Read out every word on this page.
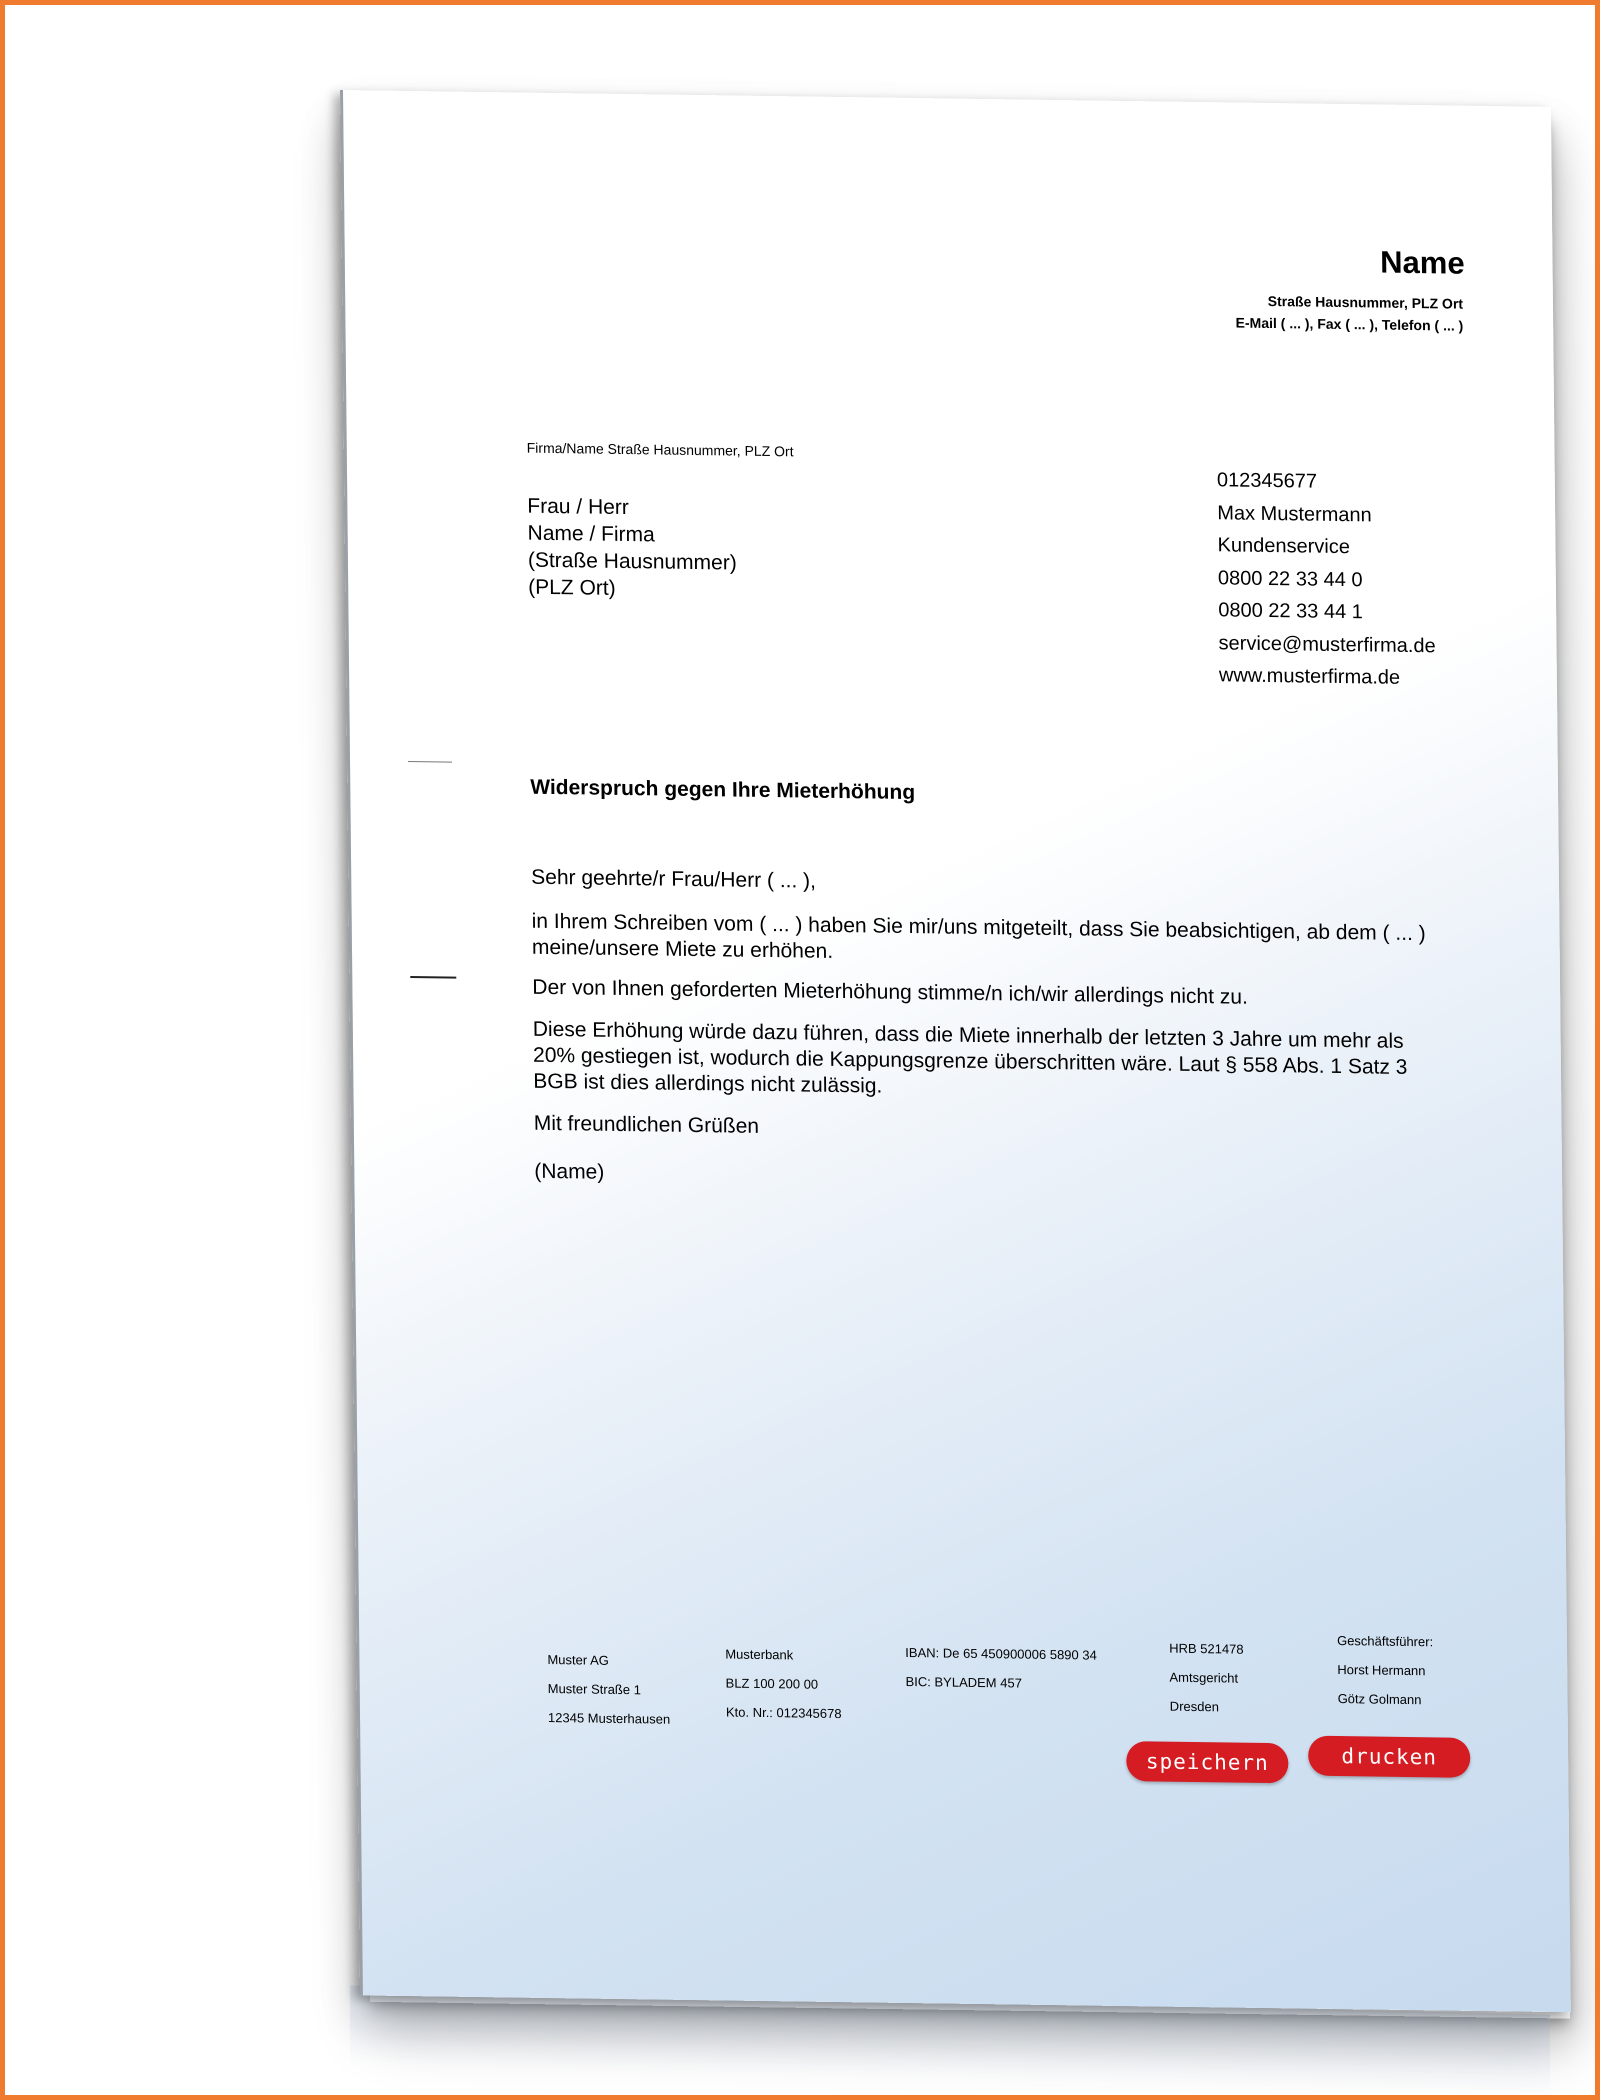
Name
Straße Hausnummer, PLZ Ort
E-Mail ( ... ), Fax ( ... ), Telefon ( ... )
Firma/Name Straße Hausnummer, PLZ Ort
Frau / Herr
Name / Firma
(Straße Hausnummer)
(PLZ Ort)
012345677
Max Mustermann
Kundenservice
0800 22 33 44 0
0800 22 33 44 1
service@musterfirma.de
www.musterfirma.de
Widerspruch gegen Ihre Mieterhöhung
Sehr geehrte/r Frau/Herr ( ... ),
in Ihrem Schreiben vom ( ... ) haben Sie mir/uns mitgeteilt, dass Sie beabsichtigen, ab dem ( ... ) meine/unsere Miete zu erhöhen.
Der von Ihnen geforderten Mieterhöhung stimme/n ich/wir allerdings nicht zu.
Diese Erhöhung würde dazu führen, dass die Miete innerhalb der letzten 3 Jahre um mehr als 20% gestiegen ist, wodurch die Kappungsgrenze überschritten wäre. Laut § 558 Abs. 1 Satz 3 BGB ist dies allerdings nicht zulässig.
Mit freundlichen Grüßen
(Name)
Muster AG
Muster Straße 1
12345 Musterhausen
Musterbank
BLZ 100 200 00
Kto. Nr.: 012345678
IBAN: De 65 450900006 5890 34
BIC: BYLADEM 457
HRB 521478
Amtsgericht
Dresden
Geschäftsführer:
Horst Hermann
Götz Golmann
speichern	drucken
